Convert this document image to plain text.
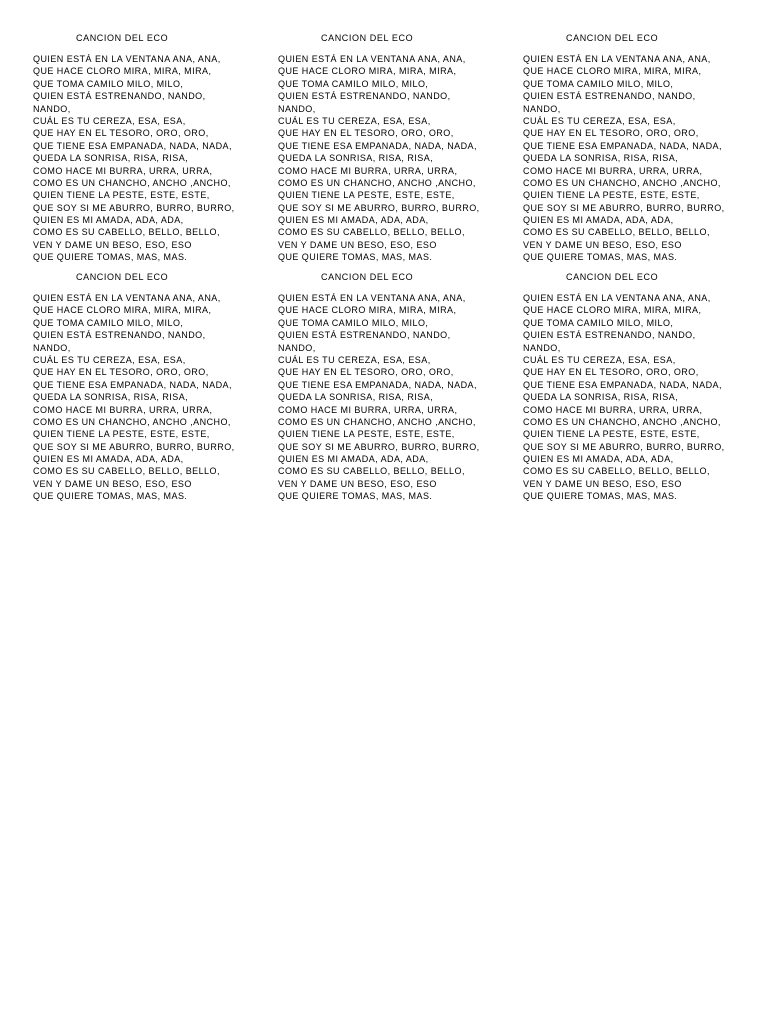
CANCION DEL ECO
QUIEN ESTÁ EN LA VENTANA ANA, ANA,
QUE HACE CLORO MIRA, MIRA, MIRA,
QUE TOMA CAMILO MILO, MILO,
QUIEN ESTÁ ESTRENANDO, NANDO,
NANDO,
CUÁL ES TU CEREZA, ESA, ESA,
QUE HAY EN EL TESORO, ORO, ORO,
QUE TIENE ESA EMPANADA, NADA, NADA,
QUEDA LA SONRISA, RISA, RISA,
COMO HACE MI BURRA, URRA, URRA,
COMO ES UN CHANCHO, ANCHO ,ANCHO,
QUIEN TIENE LA PESTE, ESTE, ESTE,
QUE SOY SI ME ABURRO, BURRO, BURRO,
QUIEN ES MI AMADA, ADA, ADA,
COMO ES SU CABELLO, BELLO, BELLO,
VEN Y DAME UN BESO, ESO, ESO
QUE QUIERE TOMAS, MAS, MAS.
CANCION DEL ECO
QUIEN ESTÁ EN LA VENTANA ANA, ANA,
QUE HACE CLORO MIRA, MIRA, MIRA,
QUE TOMA CAMILO MILO, MILO,
QUIEN ESTÁ ESTRENANDO, NANDO,
NANDO,
CUÁL ES TU CEREZA, ESA, ESA,
QUE HAY EN EL TESORO, ORO, ORO,
QUE TIENE ESA EMPANADA, NADA, NADA,
QUEDA LA SONRISA, RISA, RISA,
COMO HACE MI BURRA, URRA, URRA,
COMO ES UN CHANCHO, ANCHO ,ANCHO,
QUIEN TIENE LA PESTE, ESTE, ESTE,
QUE SOY SI ME ABURRO, BURRO, BURRO,
QUIEN ES MI AMADA, ADA, ADA,
COMO ES SU CABELLO, BELLO, BELLO,
VEN Y DAME UN BESO, ESO, ESO
QUE QUIERE TOMAS, MAS, MAS.
CANCION DEL ECO
QUIEN ESTÁ EN LA VENTANA ANA, ANA,
QUE HACE CLORO MIRA, MIRA, MIRA,
QUE TOMA CAMILO MILO, MILO,
QUIEN ESTÁ ESTRENANDO, NANDO,
NANDO,
CUÁL ES TU CEREZA, ESA, ESA,
QUE HAY EN EL TESORO, ORO, ORO,
QUE TIENE ESA EMPANADA, NADA, NADA,
QUEDA LA SONRISA, RISA, RISA,
COMO HACE MI BURRA, URRA, URRA,
COMO ES UN CHANCHO, ANCHO ,ANCHO,
QUIEN TIENE LA PESTE, ESTE, ESTE,
QUE SOY SI ME ABURRO, BURRO, BURRO,
QUIEN ES MI AMADA, ADA, ADA,
COMO ES SU CABELLO, BELLO, BELLO,
VEN Y DAME UN BESO, ESO, ESO
QUE QUIERE TOMAS, MAS, MAS.
CANCION DEL ECO
QUIEN ESTÁ EN LA VENTANA ANA, ANA,
QUE HACE CLORO MIRA, MIRA, MIRA,
QUE TOMA CAMILO MILO, MILO,
QUIEN ESTÁ ESTRENANDO, NANDO,
NANDO,
CUÁL ES TU CEREZA, ESA, ESA,
QUE HAY EN EL TESORO, ORO, ORO,
QUE TIENE ESA EMPANADA, NADA, NADA,
QUEDA LA SONRISA, RISA, RISA,
COMO HACE MI BURRA, URRA, URRA,
COMO ES UN CHANCHO, ANCHO ,ANCHO,
QUIEN TIENE LA PESTE, ESTE, ESTE,
QUE SOY SI ME ABURRO, BURRO, BURRO,
QUIEN ES MI AMADA, ADA, ADA,
COMO ES SU CABELLO, BELLO, BELLO,
VEN Y DAME UN BESO, ESO, ESO
QUE QUIERE TOMAS, MAS, MAS.
CANCION DEL ECO
QUIEN ESTÁ EN LA VENTANA ANA, ANA,
QUE HACE CLORO MIRA, MIRA, MIRA,
QUE TOMA CAMILO MILO, MILO,
QUIEN ESTÁ ESTRENANDO, NANDO,
NANDO,
CUÁL ES TU CEREZA, ESA, ESA,
QUE HAY EN EL TESORO, ORO, ORO,
QUE TIENE ESA EMPANADA, NADA, NADA,
QUEDA LA SONRISA, RISA, RISA,
COMO HACE MI BURRA, URRA, URRA,
COMO ES UN CHANCHO, ANCHO ,ANCHO,
QUIEN TIENE LA PESTE, ESTE, ESTE,
QUE SOY SI ME ABURRO, BURRO, BURRO,
QUIEN ES MI AMADA, ADA, ADA,
COMO ES SU CABELLO, BELLO, BELLO,
VEN Y DAME UN BESO, ESO, ESO
QUE QUIERE TOMAS, MAS, MAS.
CANCION DEL ECO
QUIEN ESTÁ EN LA VENTANA ANA, ANA,
QUE HACE CLORO MIRA, MIRA, MIRA,
QUE TOMA CAMILO MILO, MILO,
QUIEN ESTÁ ESTRENANDO, NANDO,
NANDO,
CUÁL ES TU CEREZA, ESA, ESA,
QUE HAY EN EL TESORO, ORO, ORO,
QUE TIENE ESA EMPANADA, NADA, NADA,
QUEDA LA SONRISA, RISA, RISA,
COMO HACE MI BURRA, URRA, URRA,
COMO ES UN CHANCHO, ANCHO ,ANCHO,
QUIEN TIENE LA PESTE, ESTE, ESTE,
QUE SOY SI ME ABURRO, BURRO, BURRO,
QUIEN ES MI AMADA, ADA, ADA,
COMO ES SU CABELLO, BELLO, BELLO,
VEN Y DAME UN BESO, ESO, ESO
QUE QUIERE TOMAS, MAS, MAS.
